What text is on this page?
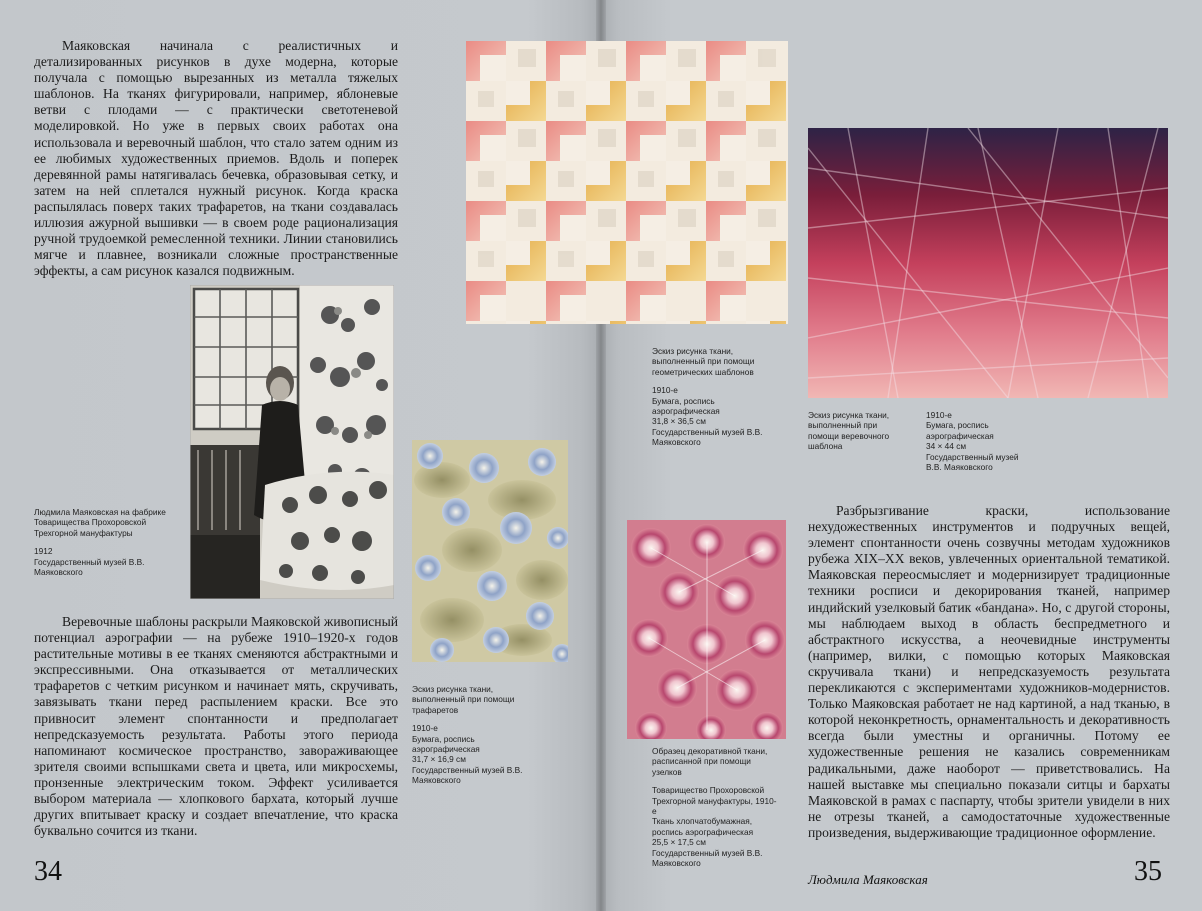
Маяковская начинала с реалистичных и детализированных рисунков в духе модерна, которые получала с помощью вырезанных из металла тяжелых шаблонов. На тканях фигурировали, например, яблоневые ветви с плодами — с практически светотеневой моделировкой. Но уже в первых своих работах она использовала и веревочный шаблон, что стало затем одним из ее любимых художественных приемов. Вдоль и поперек деревянной рамы натягивалась бечевка, образовывая сетку, и затем на ней сплетался нужный рисунок. Когда краска распылялась поверх таких трафаретов, на ткани создавалась иллюзия ажурной вышивки — в своем роде рационализация ручной трудоемкой ремесленной техники. Линии становились мягче и плавнее, возникали сложные пространственные эффекты, а сам рисунок казался подвижным.

Людмила Маяковская на фабрике Товарищества Прохоровской Трехгорной мануфактуры
1912
Государственный музей В.В. Маяковского
Эскиз рисунка ткани, выполненный при помощи трафаретов
1910-е
Бумага, роспись аэрографическая
31,7 × 16,9 см
Государственный музей В.В. Маяковского

Веревочные шаблоны раскрыли Маяковской живописный потенциал аэрографии — на рубеже 1910–1920-х годов растительные мотивы в ее тканях сменяются абстрактными и экспрессивными. Она отказывается от металлических трафаретов с четким рисунком и начинает мять, скручивать, завязывать ткани перед распылением краски. Все это привносит элемент спонтанности и предполагает непредсказуемость результата. Работы этого периода напоминают космическое пространство, завораживающее зрителя своими вспышками света и цвета, или микросхемы, пронзенные электрическим током. Эффект усиливается выбором материала — хлопкового бархата, который лучше других впитывает краску и создает впечатление, что краска буквально сочится из ткани.

34
Эскиз рисунка ткани, выполненный при помощи геометрических шаблонов
1910-е
Бумага, роспись аэрографическая
31,8 × 36,5 см
Государственный музей В.В. Маяковского
Эскиз рисунка ткани, выполненный при помощи веревочного шаблона
1910-е
Бумага, роспись аэрографическая
34 × 44 см
Государственный музей В.В. Маяковского
Образец декоративной ткани, расписанной при помощи узелков
Товарищество Прохоровской Трехгорной мануфактуры, 1910-е
Ткань хлопчатобумажная, роспись аэрографическая
25,5 × 17,5 см
Государственный музей В.В. Маяковского

Разбрызгивание краски, использование нехудожественных инструментов и подручных вещей, элемент спонтанности очень созвучны методам художников рубежа XIX–XX веков, увлеченных ориентальной тематикой. Маяковская переосмысляет и модернизирует традиционные техники росписи и декорирования тканей, например индийский узелковый батик «бандана». Но, с другой стороны, мы наблюдаем выход в область беспредметного и абстрактного искусства, а неочевидные инструменты (например, вилки, с помощью которых Маяковская скручивала ткани) и непредсказуемость результата перекликаются с экспериментами художников-модернистов. Только Маяковская работает не над картиной, а над тканью, в которой неконкретность, орнаментальность и декоративность всегда были уместны и органичны. Потому ее художественные решения не казались современникам радикальными, даже наоборот — приветствовались. На нашей выставке мы специально показали ситцы и бархаты Маяковской в рамах с паспарту, чтобы зрители увидели в них не отрезы тканей, а самодостаточные художественные произведения, выдерживающие традиционное оформление.

Людмила Маяковская	35
